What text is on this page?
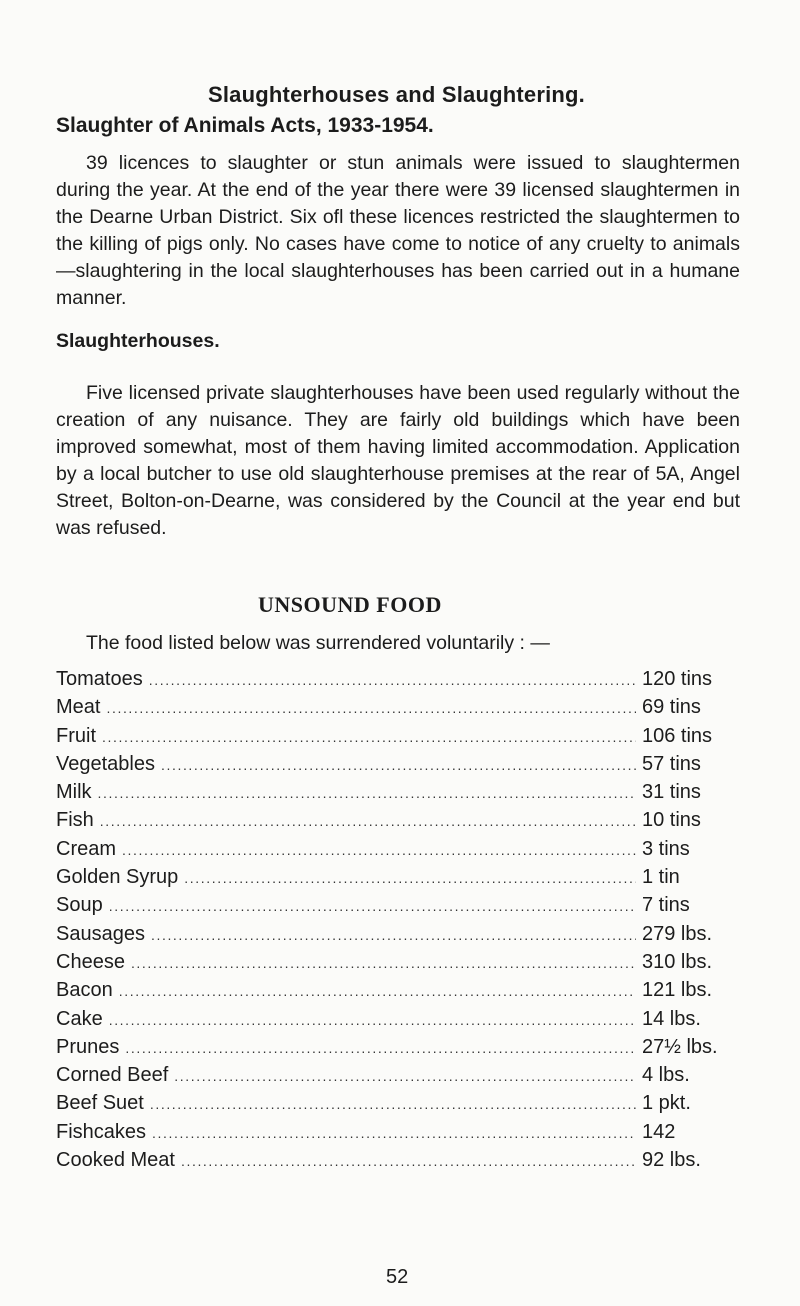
Slaughterhouses and Slaughtering.
Slaughter of Animals Acts, 1933-1954.

39 licences to slaughter or stun animals were issued to slaughtermen during the year. At the end of the year there were 39 licensed slaughtermen in the Dearne Urban District. Six ofl these licences restricted the slaughtermen to the killing of pigs only. No cases have come to notice of any cruelty to animals—slaughtering in the local slaughterhouses has been carried out in a humane manner.

Slaughterhouses.

Five licensed private slaughterhouses have been used regularly without the creation of any nuisance. They are fairly old buildings which have been improved somewhat, most of them having limited accommodation. Application by a local butcher to use old slaughterhouse premises at the rear of 5A, Angel Street, Bolton-on-Dearne, was considered by the Council at the year end but was refused.

UNSOUND FOOD
The food listed below was surrendered voluntarily : —
Tomatoes .....	120 tins
Meat .....	69 tins
Fruit .....	106 tins
Vegetables .....	57 tins
Milk .....	31 tins
Fish .....	10 tins
Cream .....	3 tins
Golden Syrup .....	1 tin
Soup .....	7 tins
Sausages .....	279 lbs.
Cheese .....	310 lbs.
Bacon .....	121 lbs.
Cake .....	14 lbs.
Prunes .....	27½ lbs.
Corned Beef .....	4 lbs.
Beef Suet .....	1 pkt.
Fishcakes .....	142
Cooked Meat .....	92 lbs.
52
